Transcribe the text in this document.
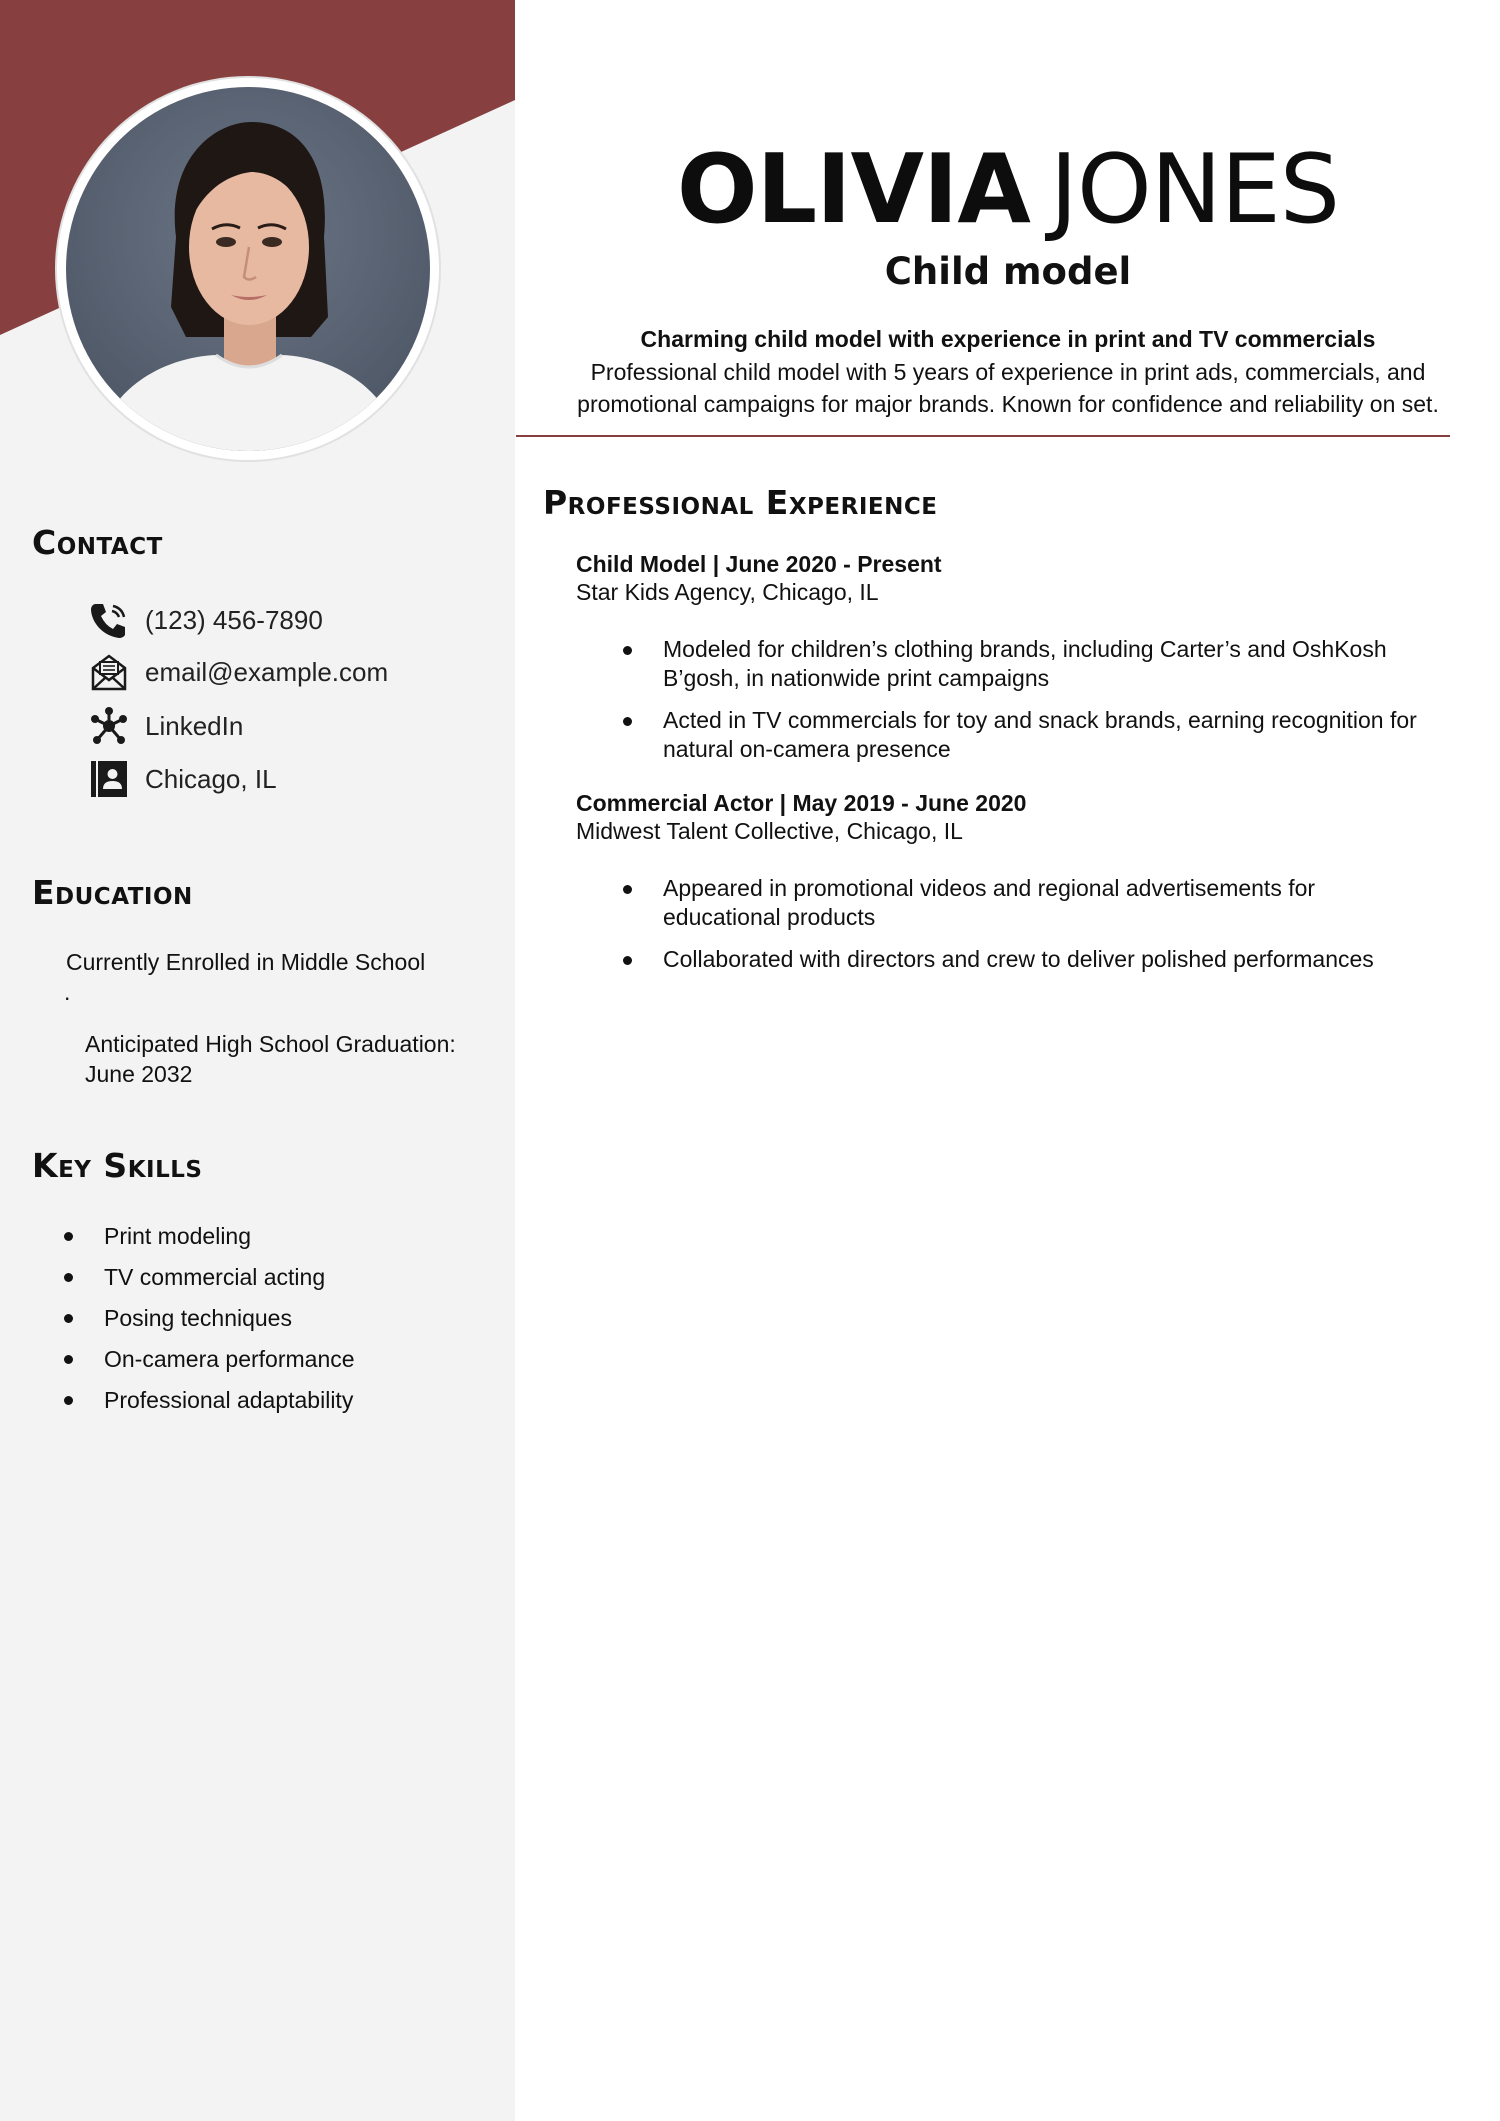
Contact
(123) 456-7890
email@example.com
LinkedIn
Chicago, IL
Education
Currently Enrolled in Middle School
.
Anticipated High School Graduation:
June 2032
Key Skills
Print modeling
TV commercial acting
Posing techniques
On-camera performance
Professional adaptability
OLIVIA JONES
Child model
Charming child model with experience in print and TV commercials
Professional child model with 5 years of experience in print ads, commercials, and promotional campaigns for major brands. Known for confidence and reliability on set.
Professional Experience
Child Model | June 2020 - Present
Star Kids Agency, Chicago, IL
Modeled for children’s clothing brands, including Carter’s and OshKosh B’gosh, in nationwide print campaigns
Acted in TV commercials for toy and snack brands, earning recognition for natural on-camera presence
Commercial Actor | May 2019 - June 2020
Midwest Talent Collective, Chicago, IL
Appeared in promotional videos and regional advertisements for educational products
Collaborated with directors and crew to deliver polished performances
